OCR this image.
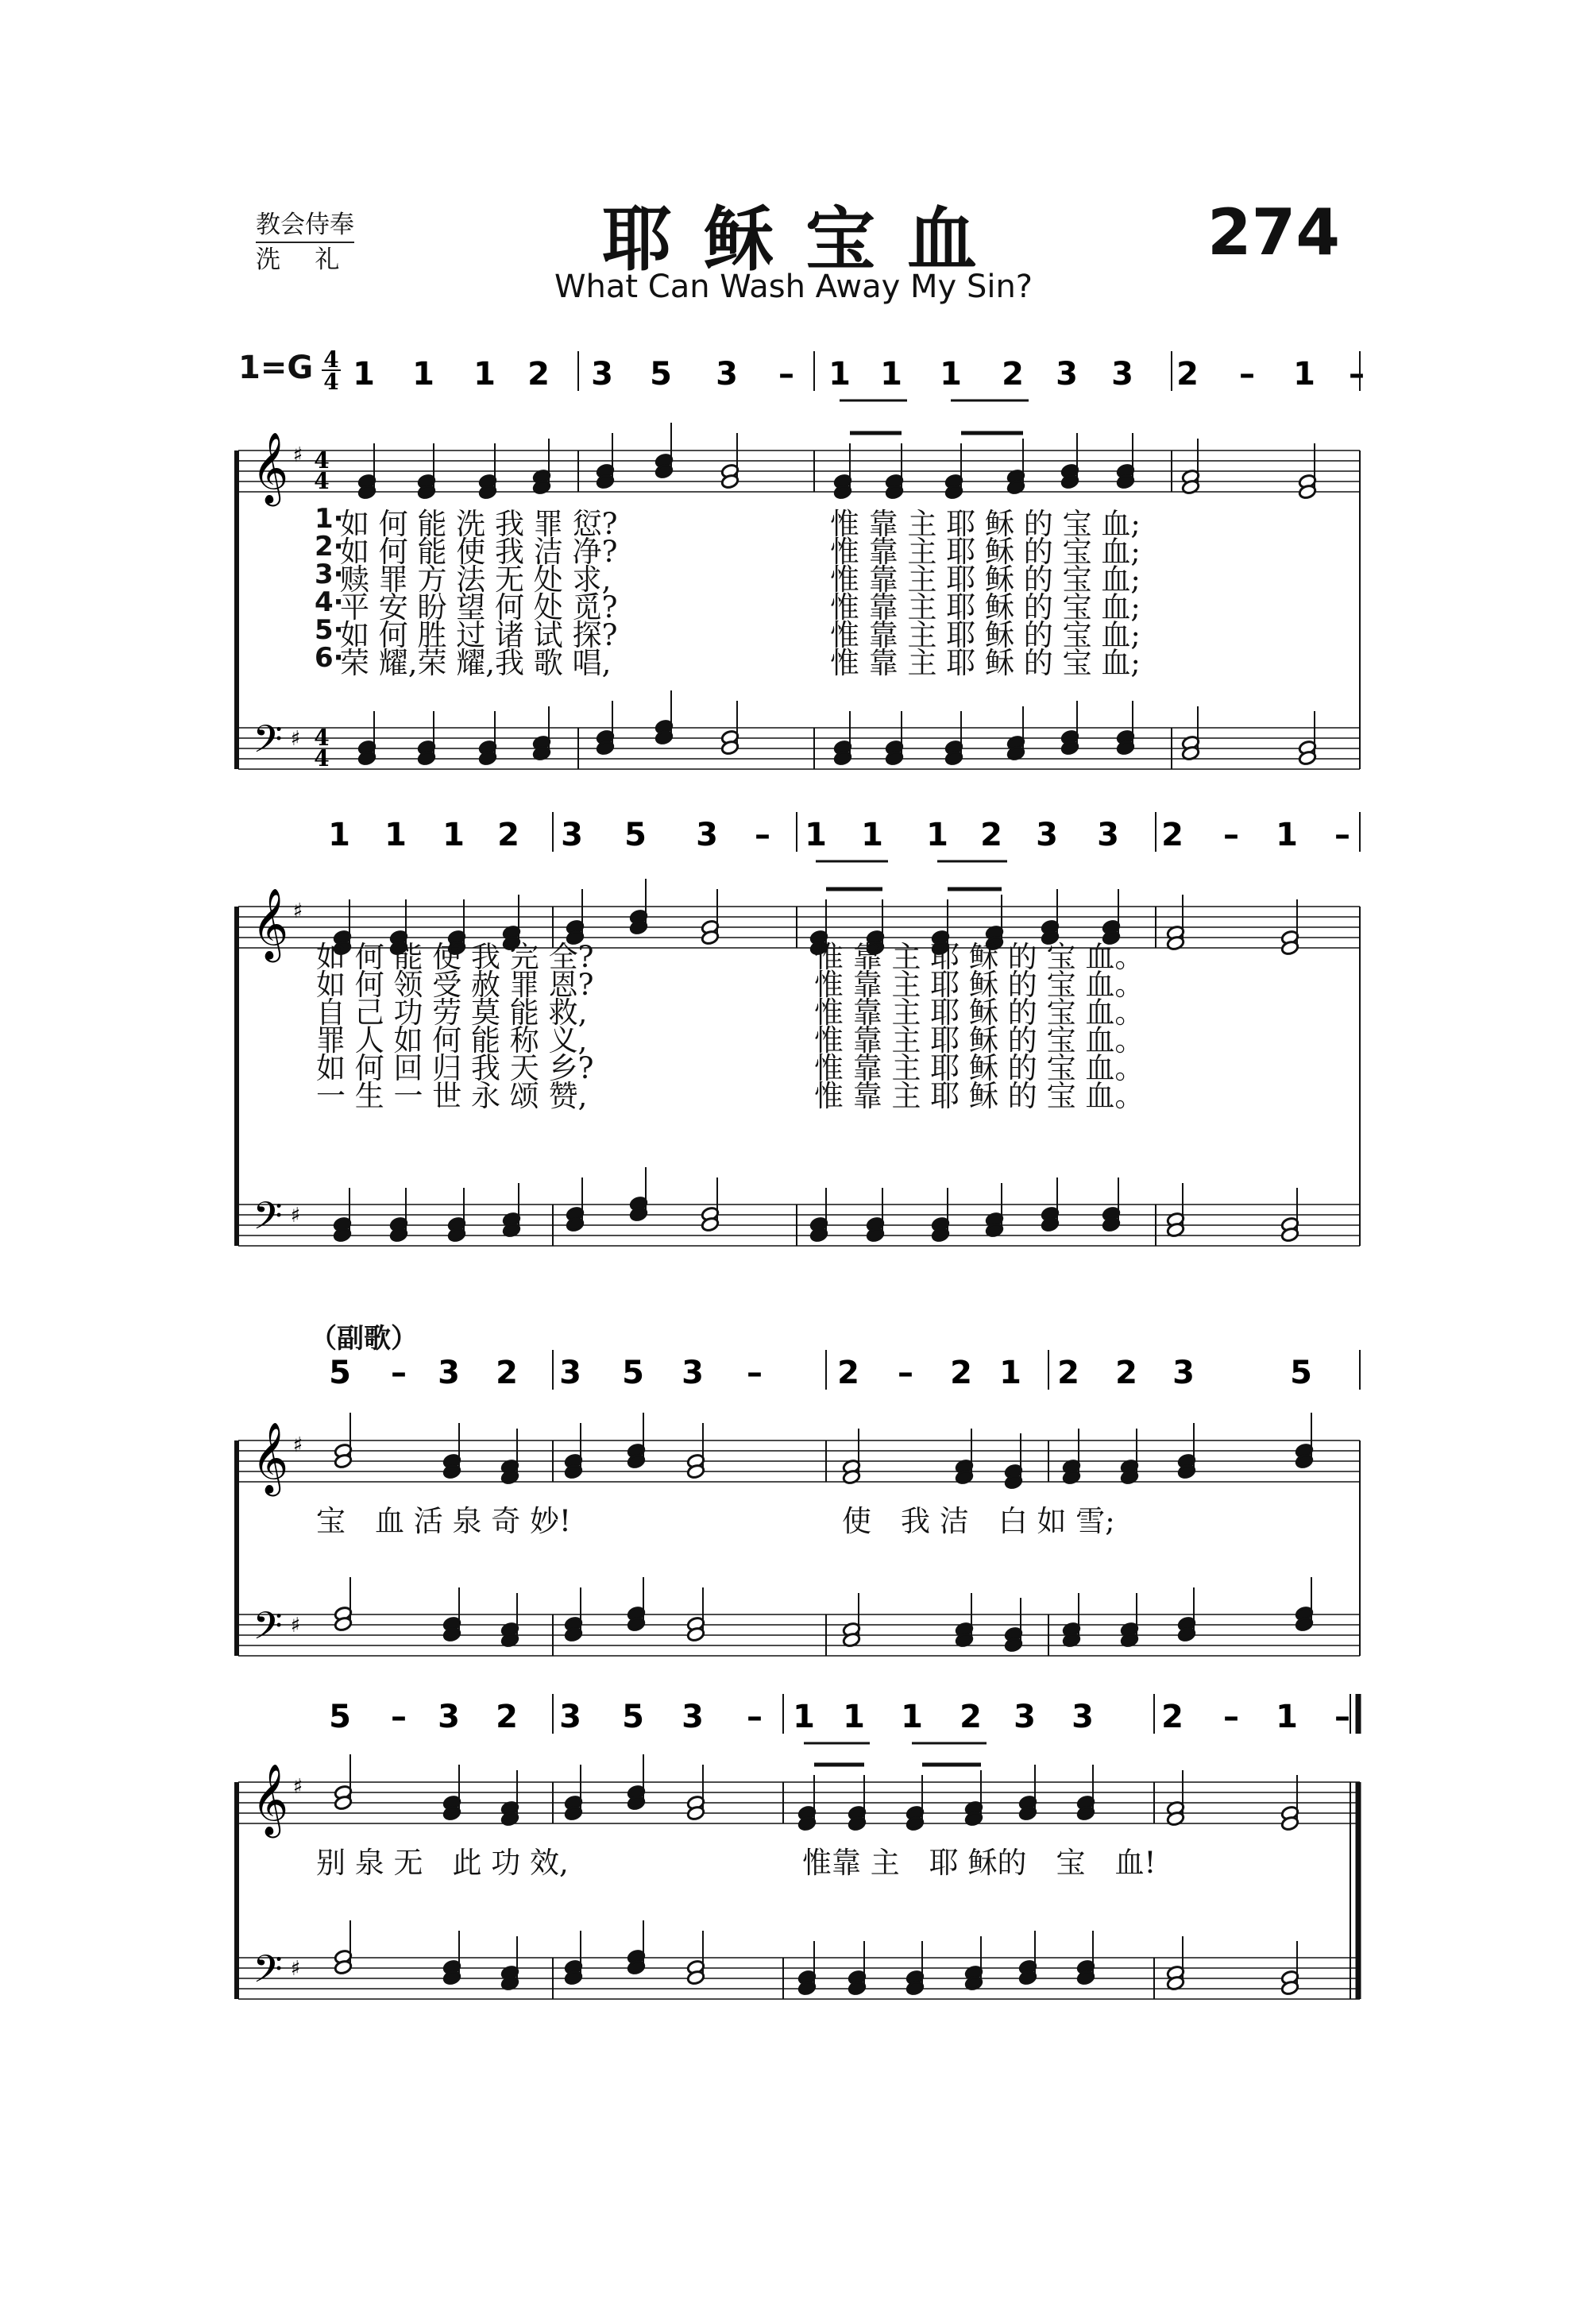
教会侍奉
洗　礼	耶稣宝血
What Can Wash Away My Sin?
274
4
4 1 1 1 2 3 5 3 – 1 1 1 2 3 3 2 – 1 –
𝄞
𝄢
♯
♯
4
4
4
4
1 1 1 2 3 5 3 – 1 1 1 2 3 3 2 – 1 –
𝄞
𝄢
♯
♯
5 – 3 2 3 5 3 – 2 – 2 1 2 2 3	5
𝄞
𝄢
♯
♯
5 – 3 2 3 5 3 – 1 1 1 2 3 3 2 – 1 –
𝄞
𝄢
♯
♯
1=G
1·
如 何 能 洗 我 罪 愆?	惟 靠 主 耶 稣 的 宝 血;
2·
如 何 能 使 我 洁 净?	惟 靠 主 耶 稣 的 宝 血;
3·
赎 罪 方 法 无 处 求,	惟 靠 主 耶 稣 的 宝 血;
4·
平 安 盼 望 何 处 觅?	惟 靠 主 耶 稣 的 宝 血;
5·
如 何 胜 过 诸 试 探?	惟 靠 主 耶 稣 的 宝 血;
6·
荣 耀,荣 耀,我 歌 唱,	惟 靠 主 耶 稣 的 宝 血;
如 何 能 使 我 完 全?	惟 靠 主 耶 稣 的 宝 血。
如 何 领 受 赦 罪 恩?	惟 靠 主 耶 稣 的 宝 血。
自 己 功 劳 莫 能 救,	惟 靠 主 耶 稣 的 宝 血。
罪 人 如 何 能 称 义,	惟 靠 主 耶 稣 的 宝 血。
如 何 回 归 我 天 乡?	惟 靠 主 耶 稣 的 宝 血。
一 生 一 世 永 颂 赞,	惟 靠 主 耶 稣 的 宝 血。
（副歌）
宝　血 活 泉 奇 妙!	使　我 洁　白 如 雪;
别 泉 无　此 功 效,	惟靠 主　耶 稣的　宝　血!
